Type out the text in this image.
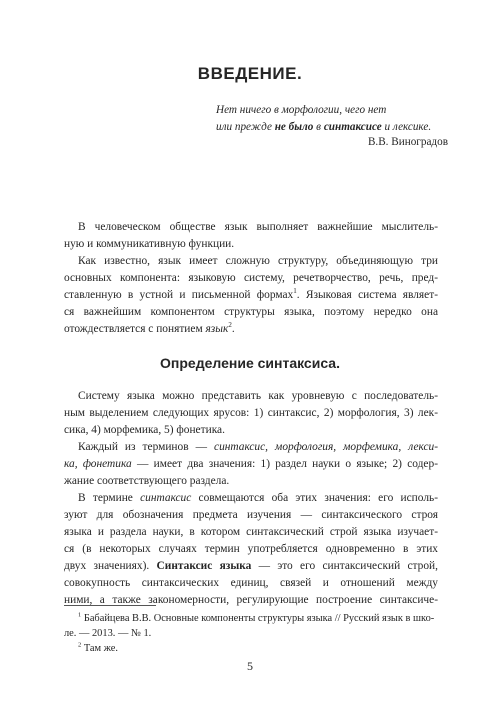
ВВЕДЕНИЕ.
Нет ничего в морфологии, чего нет
или прежде не было в синтаксисе и лексике.
В.В. Виноградов
В человеческом обществе язык выполняет важнейшие мыслитель-
ную и коммуникативную функции.
Как известно, язык имеет сложную структуру, объединяющую три
основных компонента: языковую систему, речетворчество, речь, пред-
ставленную в устной и письменной формах$^1$. Языковая система являет-
ся важнейшим компонентом структуры языка, поэтому нередко она
отождествляется с понятием язык$^2$.
Определение синтаксиса.
Систему языка можно представить как уровневую с последователь-
ным выделением следующих ярусов: 1) синтаксис, 2) морфология, 3) лек-
сика, 4) морфемика, 5) фонетика.
Каждый из терминов — синтаксис, морфология, морфемика, лекси-
ка, фонетика — имеет два значения: 1) раздел науки о языке; 2) содер-
жание соответствующего раздела.
В термине синтаксис совмещаются оба этих значения: его исполь-
зуют для обозначения предмета изучения — синтаксического строя
языка и раздела науки, в котором синтаксический строй языка изучает-
ся (в некоторых случаях термин употребляется одновременно в этих
двух значениях). Синтаксис языка — это его синтаксический строй,
совокупность синтаксических единиц, связей и отношений между
ними, а также закономерности, регулирующие построение синтаксиче-
$^1$ Бабайцева В.В. Основные компоненты структуры языка // Русский язык в шко-
ле. — 2013. — № 1.
$^2$ Там же.
5
